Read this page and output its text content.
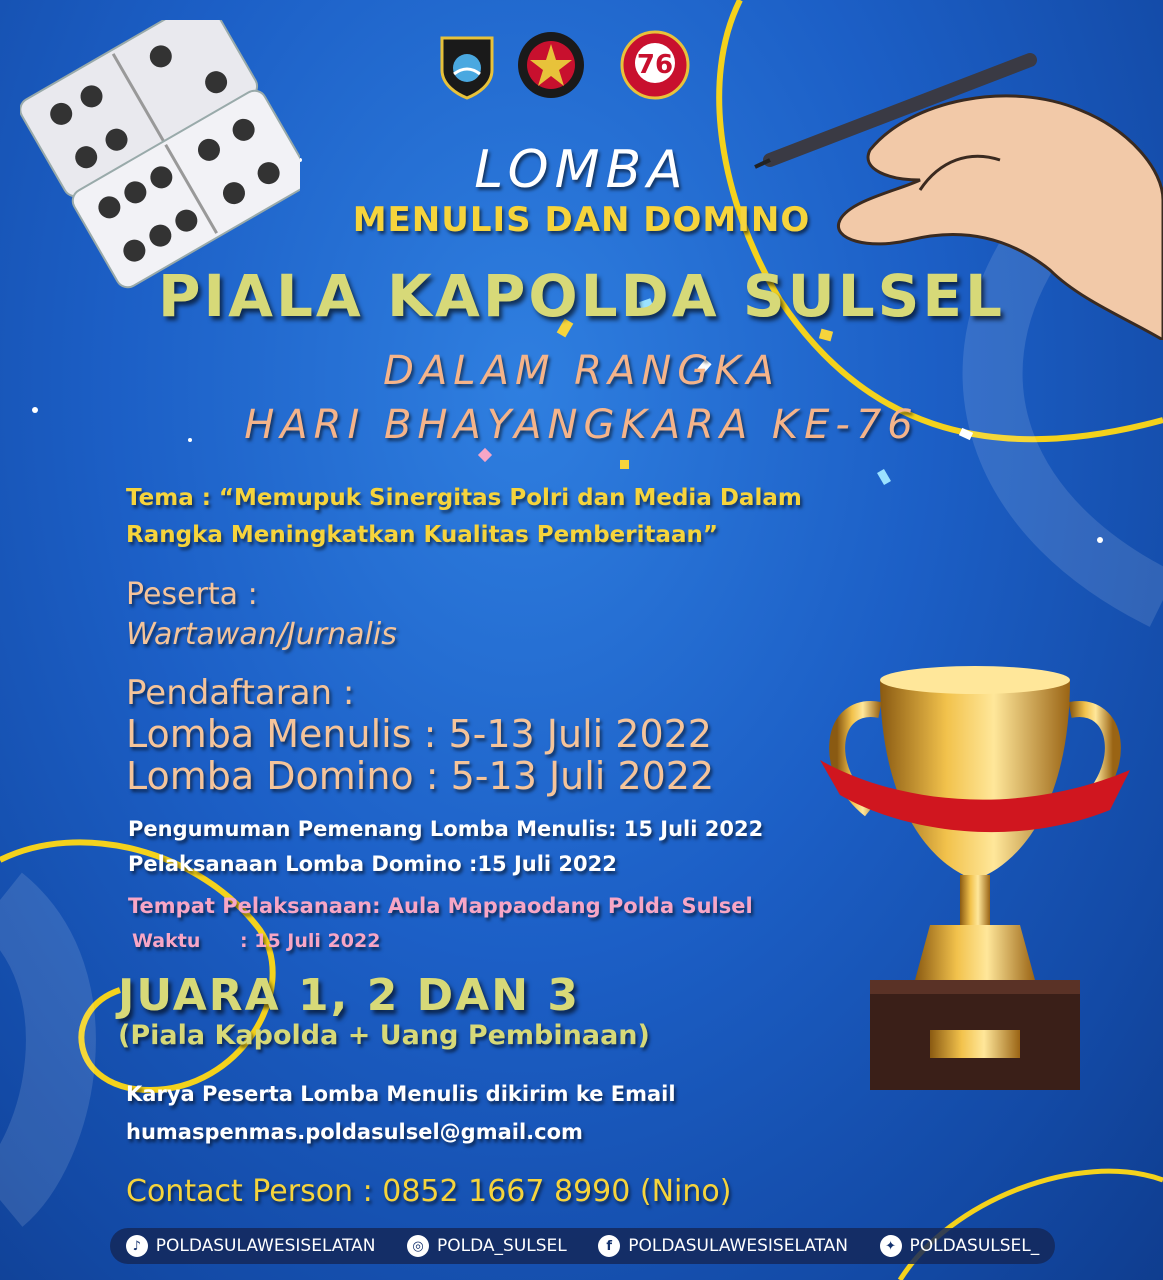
76
LOMBA
MENULIS DAN DOMINO
PIALA KAPOLDA SULSEL
DALAM RANGKA
HARI BHAYANGKARA KE-76
Tema : “Memupuk Sinergitas Polri dan Media Dalam
Rangka Meningkatkan Kualitas Pemberitaan”
Peserta :
Wartawan/Jurnalis
Pendaftaran :
Lomba Menulis : 5-13 Juli 2022
Lomba Domino : 5-13 Juli 2022
Pengumuman Pemenang Lomba Menulis: 15 Juli 2022
Pelaksanaan Lomba Domino :15 Juli 2022
Tempat Pelaksanaan: Aula Mappaodang Polda Sulsel
Waktu      : 15 Juli 2022
JUARA 1, 2 DAN 3
(Piala Kapolda + Uang Pembinaan)
Karya Peserta Lomba Menulis dikirim ke Email
humaspenmas.poldasulsel@gmail.com
Contact Person : 0852 1667 8990 (Nino)
♪ POLDASULAWESISELATAN	◎ POLDA_SULSEL	f POLDASULAWESISELATAN	✦ POLDASULSEL_
